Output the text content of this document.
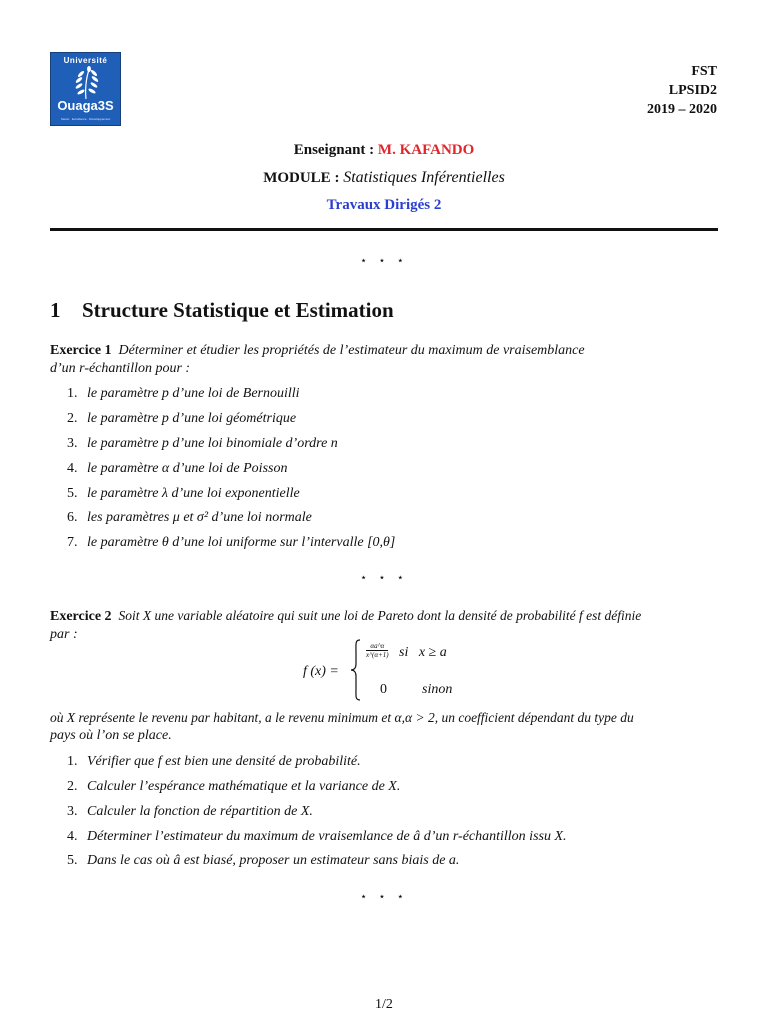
Université
Ouaga3S
Savoir · Excellence · Développement
FST
LPSID2
2019 – 2020
Enseignant : M. KAFANDO
MODULE : Statistiques Inférentielles
Travaux Dirigés 2
⋆ ⋆ ⋆
1 Structure Statistique et Estimation
Exercice 1 Déterminer et étudier les propriétés de l’estimateur du maximum de vraisemblance
d’un r-échantillon pour :
1. le paramètre p d’une loi de Bernouilli
2. le paramètre p d’une loi géométrique
3. le paramètre p d’une loi binomiale d’ordre n
4. le paramètre α d’une loi de Poisson
5. le paramètre λ d’une loi exponentielle
6. les paramètres μ et σ² d’une loi normale
7. le paramètre θ d’une loi uniforme sur l’intervalle [0,θ]
⋆ ⋆ ⋆
Exercice 2 Soit X une variable aléatoire qui suit une loi de Pareto dont la densité de probabilité f est définie
par :
f (x) =
αa^α
x^(α+1) si   x ≥ a
0	sinon
où X représente le revenu par habitant, a le revenu minimum et α,α > 2, un coefficient dépendant du type du
pays où l’on se place.
1. Vérifier que f est bien une densité de probabilité.
2. Calculer l’espérance mathématique et la variance de X.
3. Calculer la fonction de répartition de X.
4. Déterminer l’estimateur du maximum de vraisemlance de â d’un r-échantillon issu X.
5. Dans le cas où â est biasé, proposer un estimateur sans biais de a.
⋆ ⋆ ⋆
1/2
